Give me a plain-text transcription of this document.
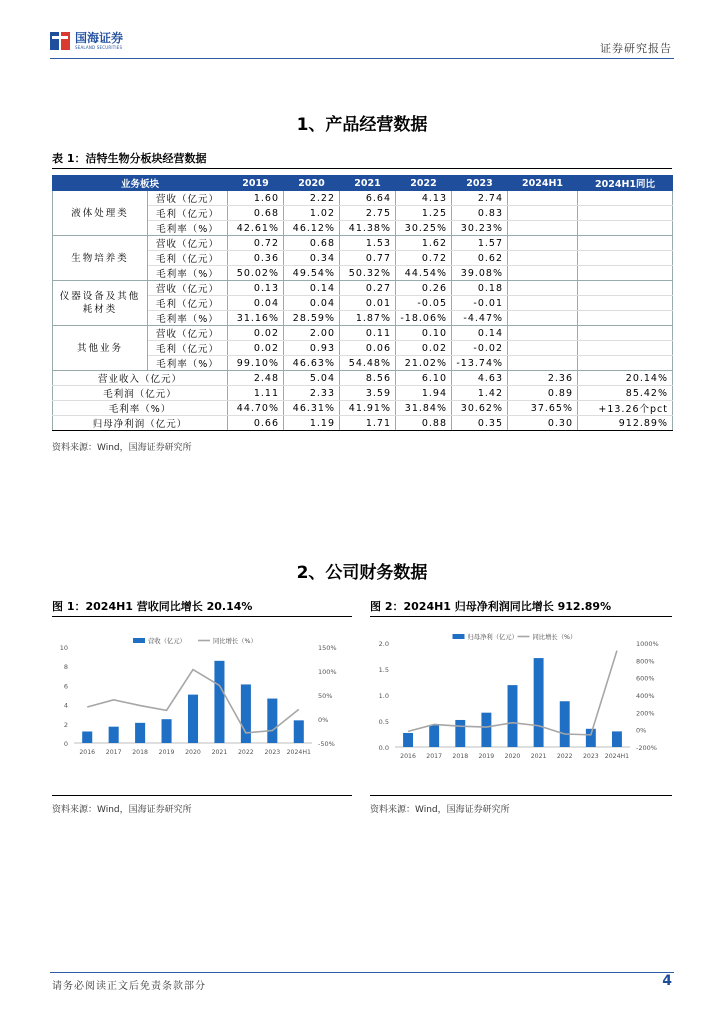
国海证券
SEALAND SECURITIES	证券研究报告
1、产品经营数据
表 1：洁特生物分板块经营数据
业务板块		2019	2020	2021	2022	2023	2024H1	2024H1同比
液体处理类	营收（亿元）	1.60	2.22	6.64	4.13	2.74		
	毛利（亿元）	0.68	1.02	2.75	1.25	0.83		
	毛利率（%）	42.61%	46.12%	41.38%	30.25%	30.23%		
生物培养类	营收（亿元）	0.72	0.68	1.53	1.62	1.57		
	毛利（亿元）	0.36	0.34	0.77	0.72	0.62		
	毛利率（%）	50.02%	49.54%	50.32%	44.54%	39.08%		
仪器设备及其他耗材类	营收（亿元）	0.13	0.14	0.27	0.26	0.18		
	毛利（亿元）	0.04	0.04	0.01	-0.05	-0.01		
	毛利率（%）	31.16%	28.59%	1.87%	-18.06%	-4.47%		
其他业务	营收（亿元）	0.02	2.00	0.11	0.10	0.14		
	毛利（亿元）	0.02	0.93	0.06	0.02	-0.02		
	毛利率（%）	99.10%	46.63%	54.48%	21.02%	-13.74%		
营业收入（亿元）		2.48	5.04	8.56	6.10	4.63	2.36	20.14%
毛利润（亿元）		1.11	2.33	3.59	1.94	1.42	0.89	85.42%
毛利率（%）		44.70%	46.31%	41.91%	31.84%	30.62%	37.65%	+13.26个pct
归母净利润（亿元）		0.66	1.19	1.71	0.88	0.35	0.30	912.89%
资料来源：Wind，国海证券研究所
2、公司财务数据
图 1：2024H1 营收同比增长 20.14%	图 2：2024H1 归母净利润同比增长 912.89%
0
2
4
6
8
10
-50%
0%
50%
100%
150%
2016 2017 2018 2019 2020 2021 2022 2023 2024H1
营收（亿元）	同比增长（%）
0.0
0.5
1.0
1.5
2.0
-200%
0%
200%
400%
600%
800%
1000%
2016 2017 2018 2019 2020 2021 2022 2023 2024H1
归母净利（亿元） 同比增长（%）
资料来源：Wind，国海证券研究所	资料来源：Wind，国海证券研究所
请务必阅读正文后免责条款部分	4
